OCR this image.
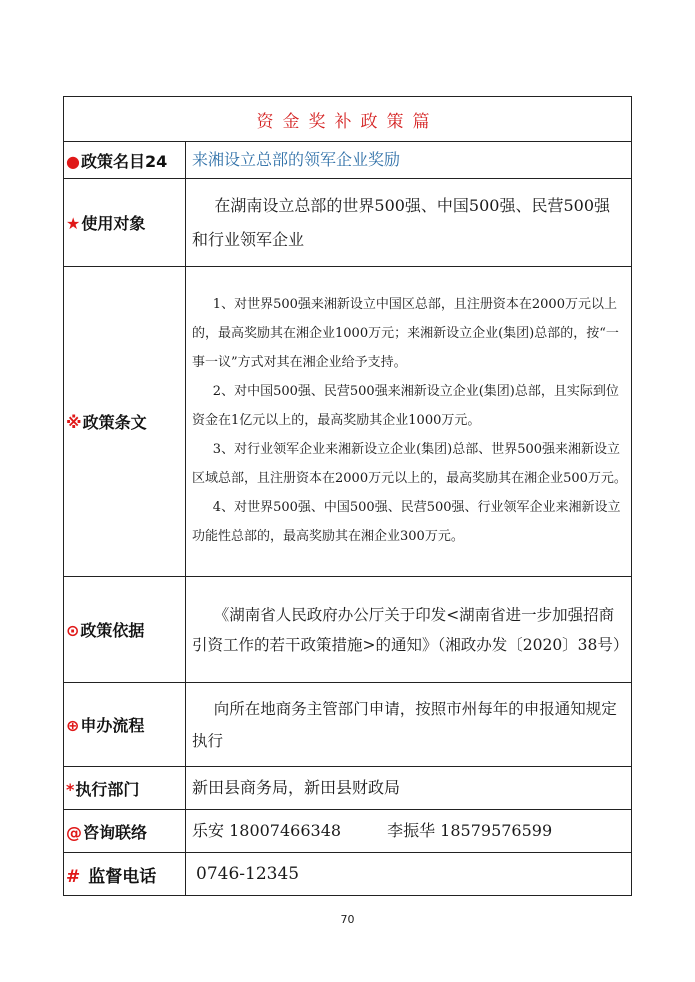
资金奖补政策篇	
●政策名目24	来湘设立总部的领军企业奖励
★使用对象	在湖南设立总部的世界500强、中国500强、民营500强和行业领军企业
※政策条文	1、对世界500强来湘新设立中国区总部，且注册资本在2000万元以上的，最高奖励其在湘企业1000万元；来湘新设立企业(集团)总部的，按“一事一议”方式对其在湘企业给予支持。

2、对中国500强、民营500强来湘新设立企业(集团)总部，且实际到位资金在1亿元以上的，最高奖励其企业1000万元。

3、对行业领军企业来湘新设立企业(集团)总部、世界500强来湘新设立区域总部，且注册资本在2000万元以上的，最高奖励其在湘企业500万元。

4、对世界500强、中国500强、民营500强、行业领军企业来湘新设立功能性总部的，最高奖励其在湘企业300万元。

⊙政策依据	《湖南省人民政府办公厅关于印发<湖南省进一步加强招商引资工作的若干政策措施>的通知》（湘政办发〔2020〕38号）
⊕申办流程	向所在地商务主管部门申请，按照市州每年的申报通知规定执行
*执行部门	新田县商务局，新田县财政局
@咨询联络	乐安 18007466348 李振华 18579576599
# 监督电话	0746-12345
70
